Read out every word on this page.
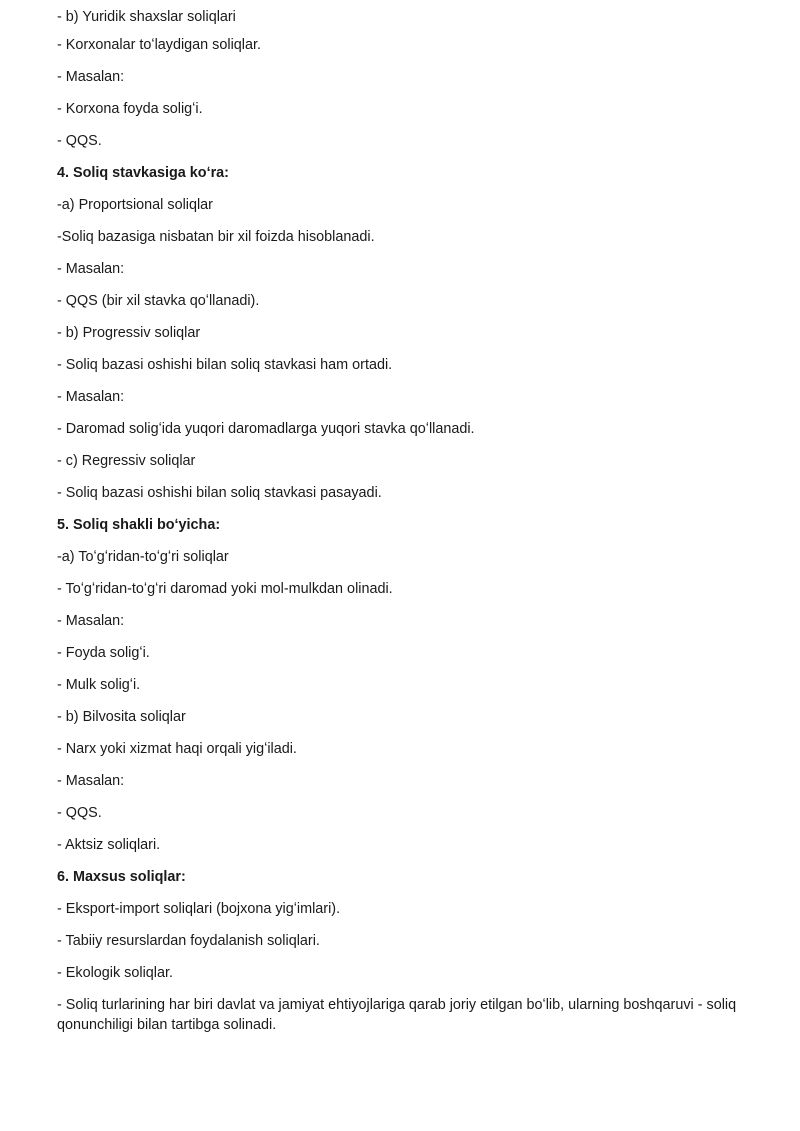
- b) Yuridik shaxslar soliqlari
- Korxonalar toʻlaydigan soliqlar.
- Masalan:
- Korxona foyda soligʻi.
- QQS.
4. Soliq stavkasiga koʻra:
-a) Proportsional soliqlar
-Soliq bazasiga nisbatan bir xil foizda hisoblanadi.
- Masalan:
- QQS (bir xil stavka qoʻllanadi).
- b) Progressiv soliqlar
- Soliq bazasi oshishi bilan soliq stavkasi ham ortadi.
- Masalan:
- Daromad soligʻida yuqori daromadlarga yuqori stavka qoʻllanadi.
- c) Regressiv soliqlar
- Soliq bazasi oshishi bilan soliq stavkasi pasayadi.
5. Soliq shakli boʻyicha:
-a) Toʻgʻridan-toʻgʻri soliqlar
- Toʻgʻridan-toʻgʻri daromad yoki mol-mulkdan olinadi.
- Masalan:
- Foyda soligʻi.
- Mulk soligʻi.
- b) Bilvosita soliqlar
- Narx yoki xizmat haqi orqali yigʻiladi.
- Masalan:
- QQS.
- Aktsiz soliqlari.
6. Maxsus soliqlar:
- Eksport-import soliqlari (bojxona yigʻimlari).
- Tabiiy resurslardan foydalanish soliqlari.
- Ekologik soliqlar.
- Soliq turlarining har biri davlat va jamiyat ehtiyojlariga qarab joriy etilgan boʻlib, ularning boshqaruvi - soliq qonunchiligi bilan tartibga solinadi.
